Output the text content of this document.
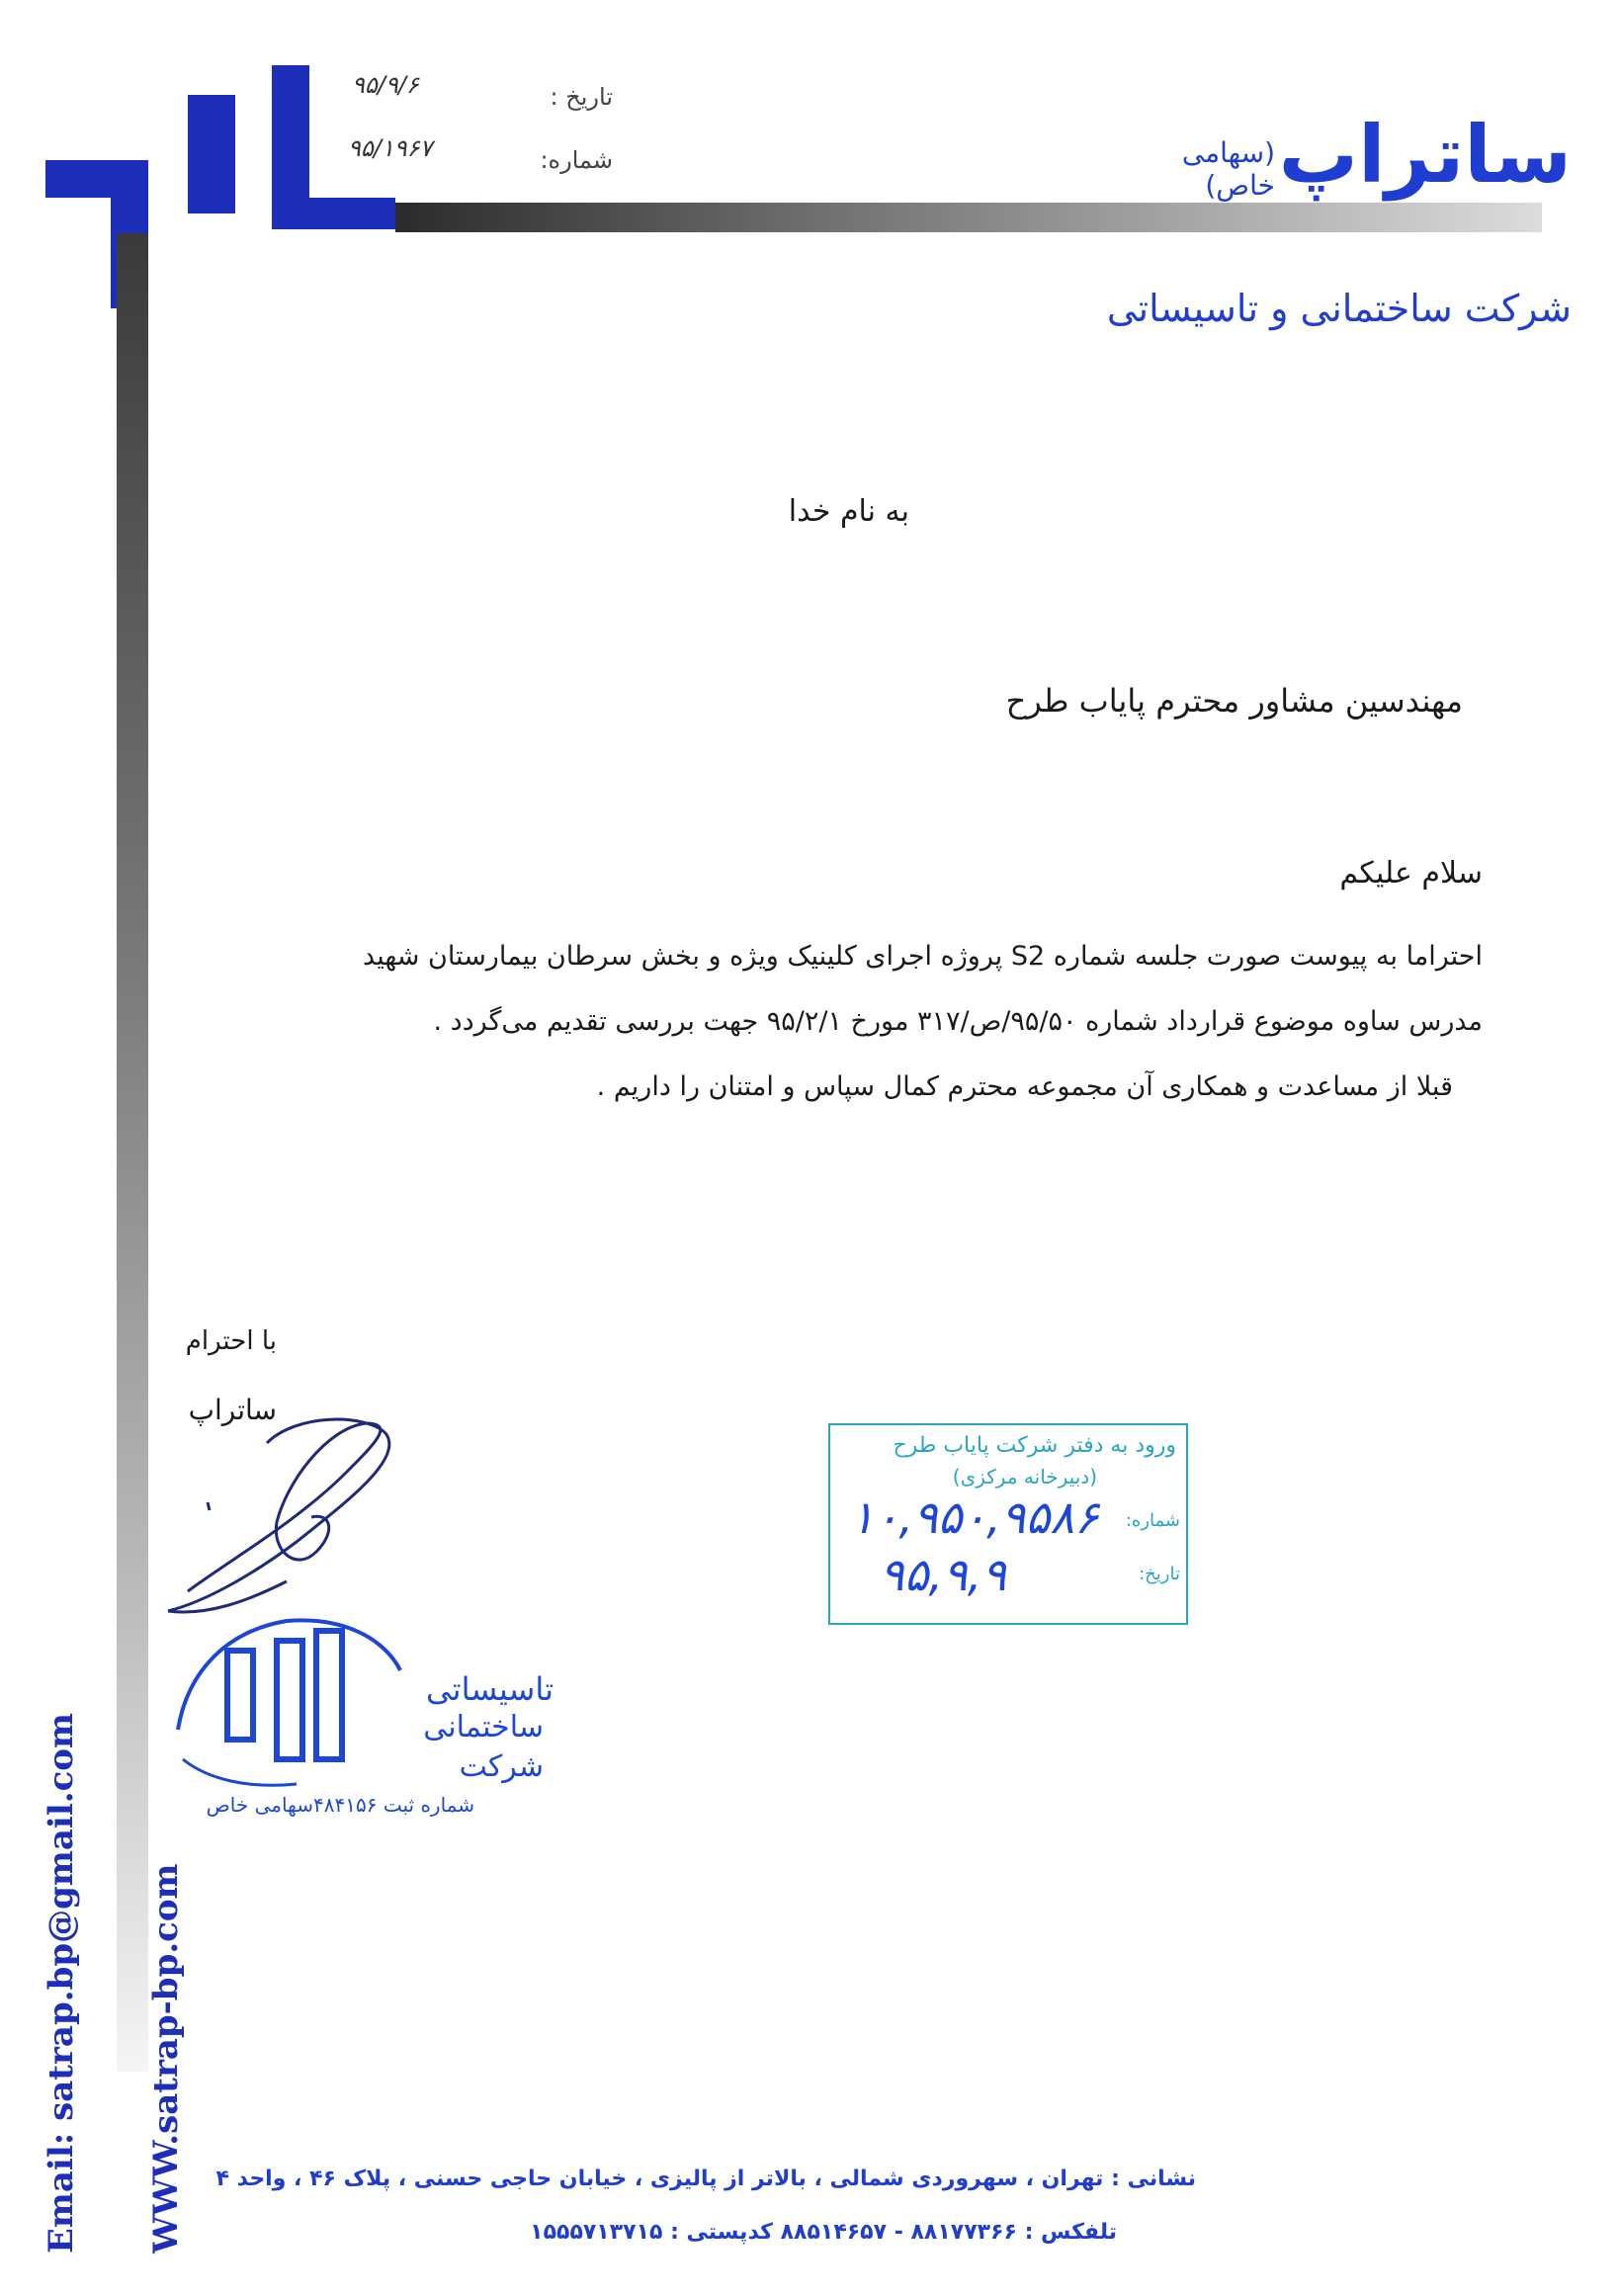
تاریخ :
۹۵/۹/۶
شماره:
۹۵/۱۹۶۷	ساتراپ
(سهامی خاص)
شرکت ساختمانی و تاسیساتی
به نام خدا
مهندسین مشاور محترم پایاب طرح
سلام علیکم
احتراما به پیوست صورت جلسه شماره S2 پروژه اجرای کلینیک ویژه و بخش سرطان بیمارستان شهید
مدرس ساوه موضوع قرارداد شماره ۹۵/۵۰/ص/۳۱۷ مورخ ۹۵/۲/۱ جهت بررسی تقدیم می‌گردد .
قبلا از مساعدت و همکاری آن مجموعه محترم کمال سپاس و امتنان را داریم .
با احترام
ساتراپ
تاسیساتی
ساختمانی
شرکت
شماره ثبت ۴۸۴۱۵۶سهامی خاص
ورود به دفتر شرکت پایاب طرح
(دبیرخانه مرکزی)
شماره:
۱۰,۹۵۰,۹۵۸۶
تاریخ:
۹۵,۹,۹
Email: satrap.bp@gmail.com WWW.satrap-bp.com نشانی : تهران ، سهروردی شمالی ، بالاتر از پالیزی ، خیابان حاجی حسنی ، پلاک ۴۶ ، واحد ۴
تلفکس : ۸۸۱۷۷۳۶۶ - ۸۸۵۱۴۶۵۷ کدپستی : ۱۵۵۵۷۱۳۷۱۵
